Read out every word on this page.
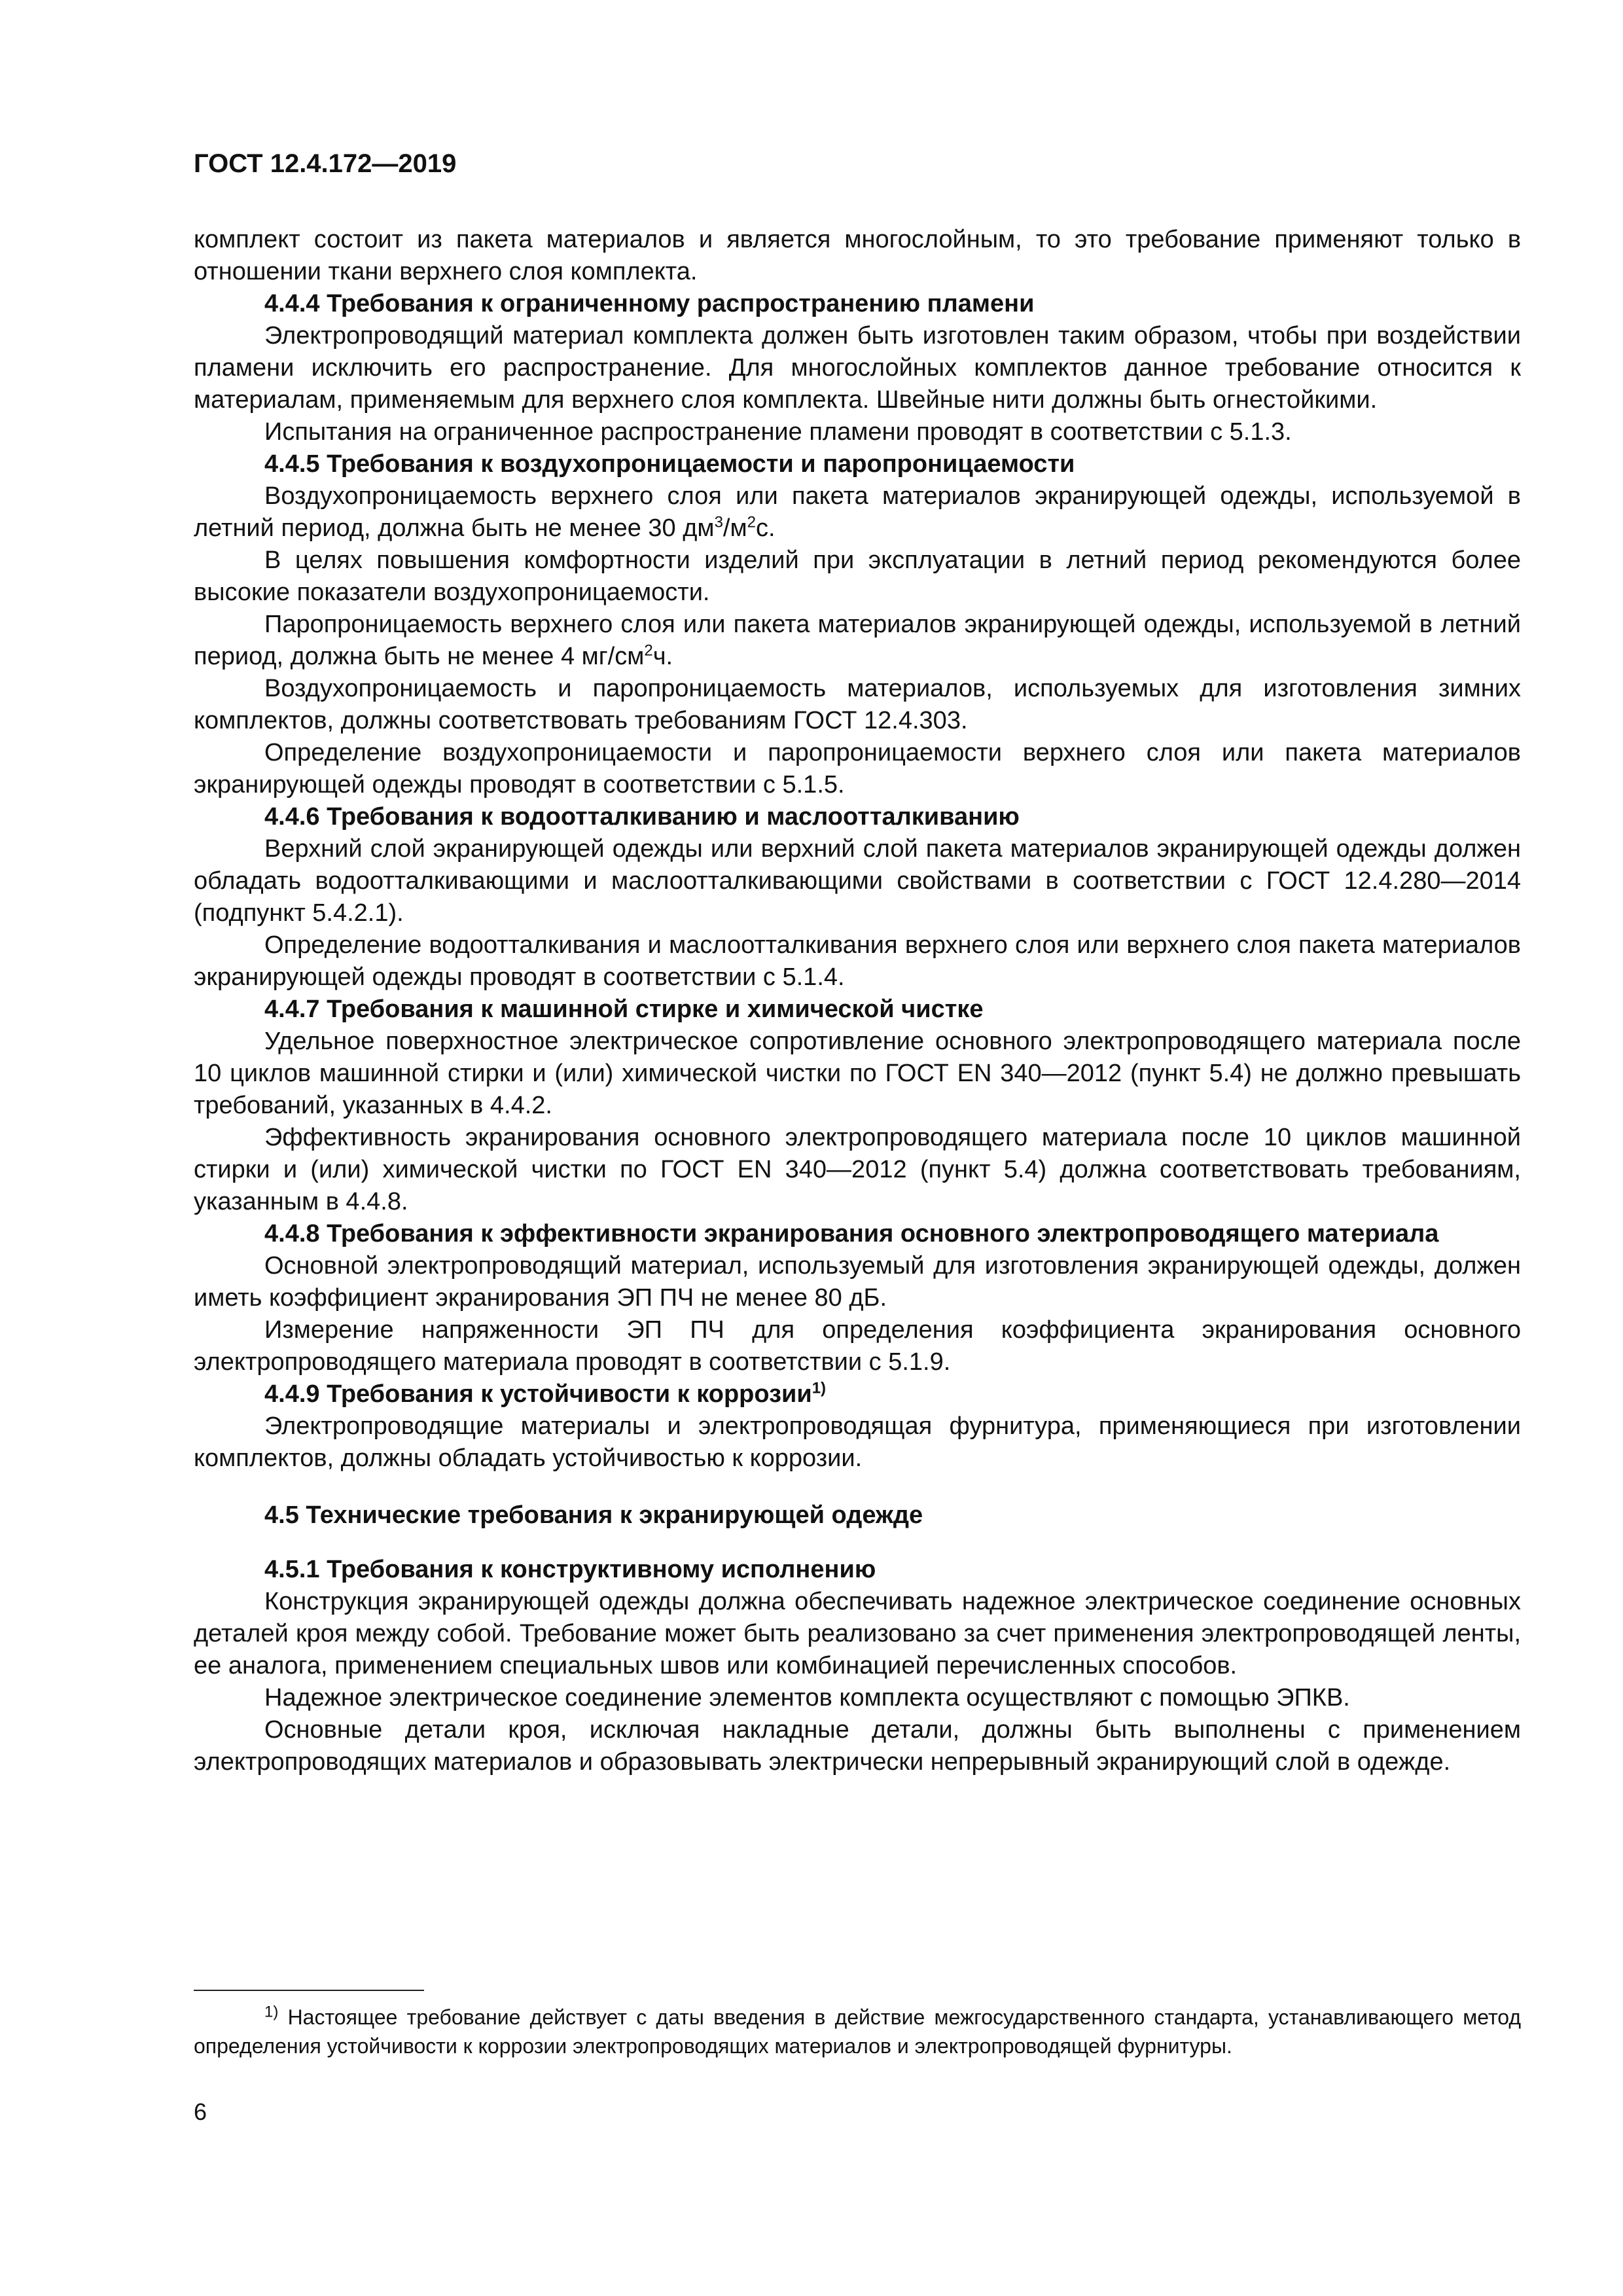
ГОСТ 12.4.172—2019

комплект состоит из пакета материалов и является многослойным, то это требование применяют только в отношении ткани верхнего слоя комплекта.

4.4.4 Требования к ограниченному распространению пламени

Электропроводящий материал комплекта должен быть изготовлен таким образом, чтобы при воздействии пламени исключить его распространение. Для многослойных комплектов данное требование относится к материалам, применяемым для верхнего слоя комплекта. Швейные нити должны быть огнестойкими.

Испытания на ограниченное распространение пламени проводят в соответствии с 5.1.3.

4.4.5 Требования к воздухопроницаемости и паропроницаемости

Воздухопроницаемость верхнего слоя или пакета материалов экранирующей одежды, используемой в летний период, должна быть не менее 30 $дм^3/м^2с$.

В целях повышения комфортности изделий при эксплуатации в летний период рекомендуются более высокие показатели воздухопроницаемости.

Паропроницаемость верхнего слоя или пакета материалов экранирующей одежды, используемой в летний период, должна быть не менее 4 $мг/см^2ч$.

Воздухопроницаемость и паропроницаемость материалов, используемых для изготовления зимних комплектов, должны соответствовать требованиям ГОСТ 12.4.303.

Определение воздухопроницаемости и паропроницаемости верхнего слоя или пакета материалов экранирующей одежды проводят в соответствии с 5.1.5.

4.4.6 Требования к водоотталкиванию и маслоотталкиванию

Верхний слой экранирующей одежды или верхний слой пакета материалов экранирующей одежды должен обладать водоотталкивающими и маслоотталкивающими свойствами в соответствии с ГОСТ 12.4.280—2014 (подпункт 5.4.2.1).

Определение водоотталкивания и маслоотталкивания верхнего слоя или верхнего слоя пакета материалов экранирующей одежды проводят в соответствии с 5.1.4.

4.4.7 Требования к машинной стирке и химической чистке

Удельное поверхностное электрическое сопротивление основного электропроводящего материала после 10 циклов машинной стирки и (или) химической чистки по ГОСТ EN 340—2012 (пункт 5.4) не должно превышать требований, указанных в 4.4.2.

Эффективность экранирования основного электропроводящего материала после 10 циклов машинной стирки и (или) химической чистки по ГОСТ EN 340—2012 (пункт 5.4) должна соответствовать требованиям, указанным в 4.4.8.

4.4.8 Требования к эффективности экранирования основного электропроводящего материала

Основной электропроводящий материал, используемый для изготовления экранирующей одежды, должен иметь коэффициент экранирования ЭП ПЧ не менее 80 дБ.

Измерение напряженности ЭП ПЧ для определения коэффициента экранирования основного электропроводящего материала проводят в соответствии с 5.1.9.

4.4.9 Требования к устойчивости к коррозии$^{1)}$

Электропроводящие материалы и электропроводящая фурнитура, применяющиеся при изготовлении комплектов, должны обладать устойчивостью к коррозии.

4.5 Технические требования к экранирующей одежде

4.5.1 Требования к конструктивному исполнению

Конструкция экранирующей одежды должна обеспечивать надежное электрическое соединение основных деталей кроя между собой. Требование может быть реализовано за счет применения электропроводящей ленты, ее аналога, применением специальных швов или комбинацией перечисленных способов.

Надежное электрическое соединение элементов комплекта осуществляют с помощью ЭПКВ.

Основные детали кроя, исключая накладные детали, должны быть выполнены с применением электропроводящих материалов и образовывать электрически непрерывный экранирующий слой в одежде.

$^{1)}$ Настоящее требование действует с даты введения в действие межгосударственного стандарта, устанавливающего метод определения устойчивости к коррозии электропроводящих материалов и электропроводящей фурнитуры.

6
